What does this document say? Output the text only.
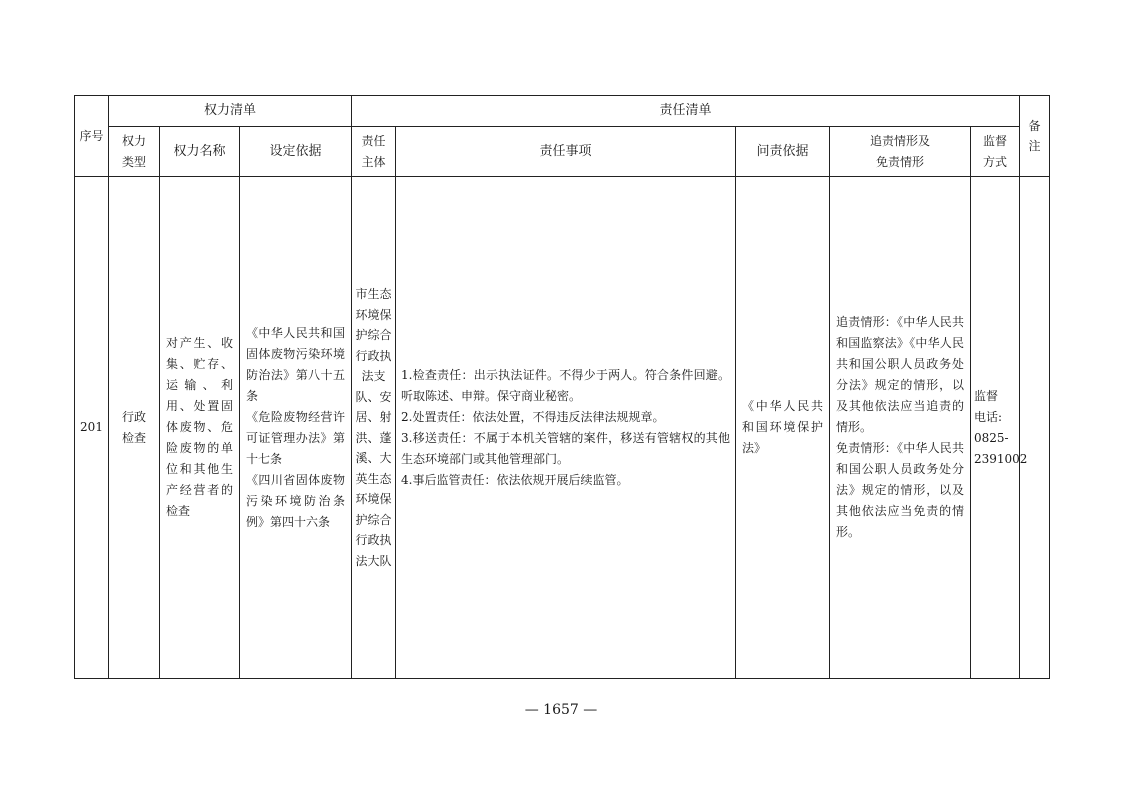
序号	权力清单			责任清单					备注

	权力类型	权力名称	设定依据	责任主体	责任事项	问责依据	追责情形及免责情形	监督方式	

201	行政检查	对产生、收集、贮存、运输、利用、处置固体废物、危险废物的单位和其他生产经营者的检查	《中华人民共和国固体废物污染环境防治法》第八十五条
《危险废物经营许可证管理办法》第十七条
《四川省固体废物污染环境防治条例》第四十六条	市生态环境保护综合行政执法支队、安居、射洪、蓬溪、大英生态环境保护综合行政执法大队	1.检查责任：出示执法证件。不得少于两人。符合条件回避。听取陈述、申辩。保守商业秘密。
2.处置责任：依法处置，不得违反法律法规规章。
3.移送责任：不属于本机关管辖的案件，移送有管辖权的其他生态环境部门或其他管理部门。
4.事后监管责任：依法依规开展后续监管。	《中华人民共和国环境保护法》	追责情形：《中华人民共和国监察法》《中华人民共和国公职人员政务处分法》规定的情形，以及其他依法应当追责的情形。
免责情形：《中华人民共和国公职人员政务处分法》规定的情形，以及其他依法应当免责的情形。	监督
电话:
0825-
2391002	

— 1657 —
